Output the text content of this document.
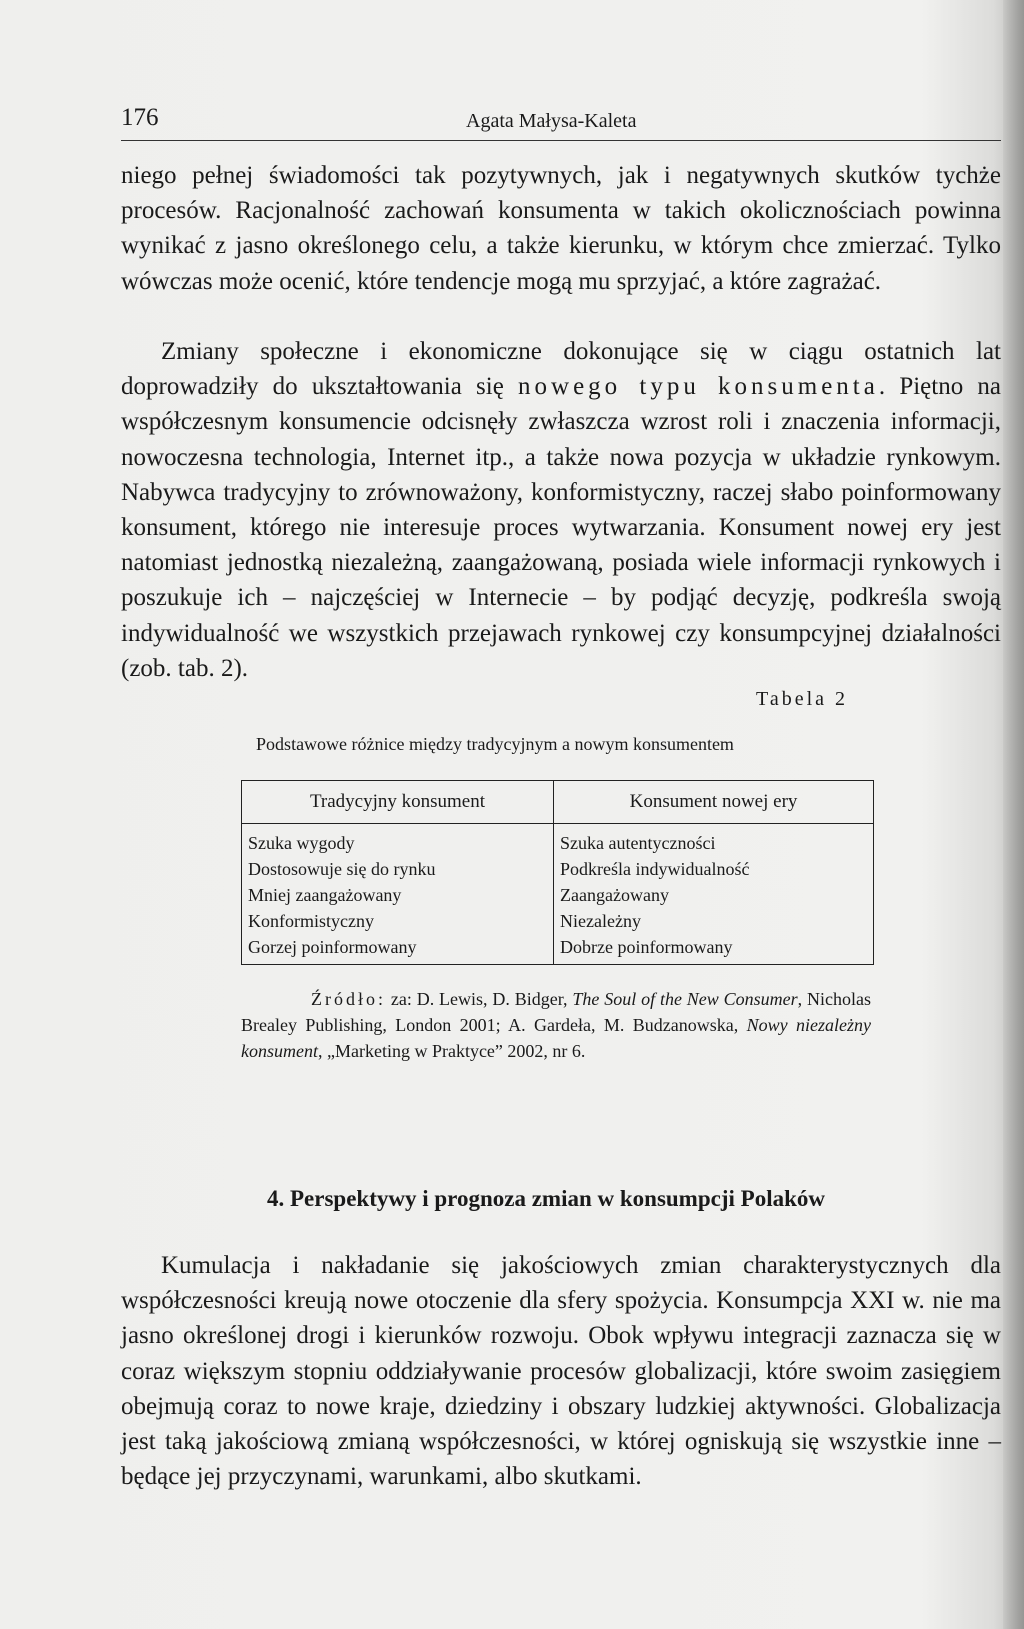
176	Agata Małysa-Kaleta

niego pełnej świadomości tak pozytywnych, jak i negatywnych skutków tychże procesów. Racjonalność zachowań konsumenta w takich okolicznościach powinna wynikać z jasno określonego celu, a także kierunku, w którym chce zmierzać. Tylko wówczas może ocenić, które tendencje mogą mu sprzyjać, a które zagrażać.

Zmiany społeczne i ekonomiczne dokonujące się w ciągu ostatnich lat doprowadziły do ukształtowania się nowego typu konsumenta. Piętno na współczesnym konsumencie odcisnęły zwłaszcza wzrost roli i znaczenia informacji, nowoczesna technologia, Internet itp., a także nowa pozycja w układzie rynkowym. Nabywca tradycyjny to zrównoważony, konformistyczny, raczej słabo poinformowany konsument, którego nie interesuje proces wytwarzania. Konsument nowej ery jest natomiast jednostką niezależną, zaangażowaną, posiada wiele informacji rynkowych i poszukuje ich – najczęściej w Internecie – by podjąć decyzję, podkreśla swoją indywidualność we wszystkich przejawach rynkowej czy konsumpcyjnej działalności (zob. tab. 2).

Tabela 2
Podstawowe różnice między tradycyjnym a nowym konsumentem
Tradycyjny konsument	Konsument nowej ery
Szuka wygody	Szuka autentyczności
Dostosowuje się do rynku	Podkreśla indywidualność
Mniej zaangażowany	Zaangażowany
Konformistyczny	Niezależny
Gorzej poinformowany	Dobrze poinformowany
Źródło: za: D. Lewis, D. Bidger, The Soul of the New Consumer, Nicholas Brealey Publishing, London 2001; A. Gardeła, M. Budzanowska, Nowy niezależny konsument, „Marketing w Praktyce” 2002, nr 6.
4. Perspektywy i prognoza zmian w konsumpcji Polaków

Kumulacja i nakładanie się jakościowych zmian charakterystycznych dla współczesności kreują nowe otoczenie dla sfery spożycia. Konsumpcja XXI w. nie ma jasno określonej drogi i kierunków rozwoju. Obok wpływu integracji zaznacza się w coraz większym stopniu oddziaływanie procesów globalizacji, które swoim zasięgiem obejmują coraz to nowe kraje, dziedziny i obszary ludzkiej aktywności. Globalizacja jest taką jakościową zmianą współczesności, w której ogniskują się wszystkie inne – będące jej przyczynami, warunkami, albo skutkami.
